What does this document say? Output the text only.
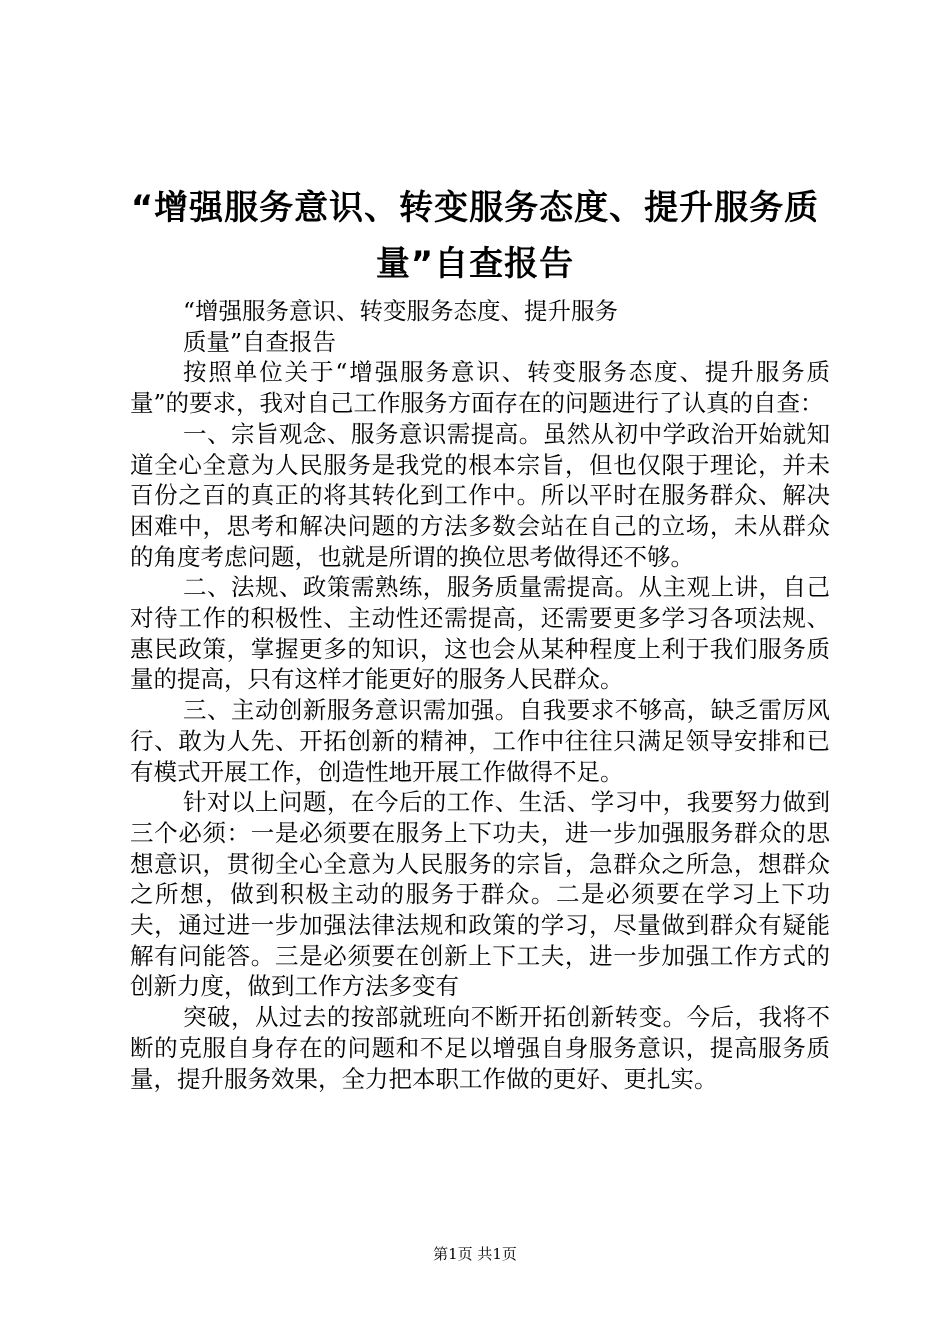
“增强服务意识、转变服务态度、提升服务质
量”自查报告

“增强服务意识、转变服务态度、提升服务

质量”自查报告

按照单位关于“增强服务意识、转变服务态度、提升服务质量”的要求，我对自己工作服务方面存在的问题进行了认真的自查：

一、宗旨观念、服务意识需提高。虽然从初中学政治开始就知道全心全意为人民服务是我党的根本宗旨，但也仅限于理论，并未百份之百的真正的将其转化到工作中。所以平时在服务群众、解决困难中，思考和解决问题的方法多数会站在自己的立场，未从群众的角度考虑问题，也就是所谓的换位思考做得还不够。

二、法规、政策需熟练，服务质量需提高。从主观上讲，自己对待工作的积极性、主动性还需提高，还需要更多学习各项法规、惠民政策，掌握更多的知识，这也会从某种程度上利于我们服务质量的提高，只有这样才能更好的服务人民群众。

三、主动创新服务意识需加强。自我要求不够高，缺乏雷厉风行、敢为人先、开拓创新的精神，工作中往往只满足领导安排和已有模式开展工作，创造性地开展工作做得不足。

针对以上问题，在今后的工作、生活、学习中，我要努力做到三个必须：一是必须要在服务上下功夫，进一步加强服务群众的思想意识，贯彻全心全意为人民服务的宗旨，急群众之所急，想群众之所想，做到积极主动的服务于群众。二是必须要在学习上下功夫，通过进一步加强法律法规和政策的学习，尽量做到群众有疑能解有问能答。三是必须要在创新上下工夫，进一步加强工作方式的创新力度，做到工作方法多变有

突破，从过去的按部就班向不断开拓创新转变。今后，我将不断的克服自身存在的问题和不足以增强自身服务意识，提高服务质量，提升服务效果，全力把本职工作做的更好、更扎实。

第1页 共1页
